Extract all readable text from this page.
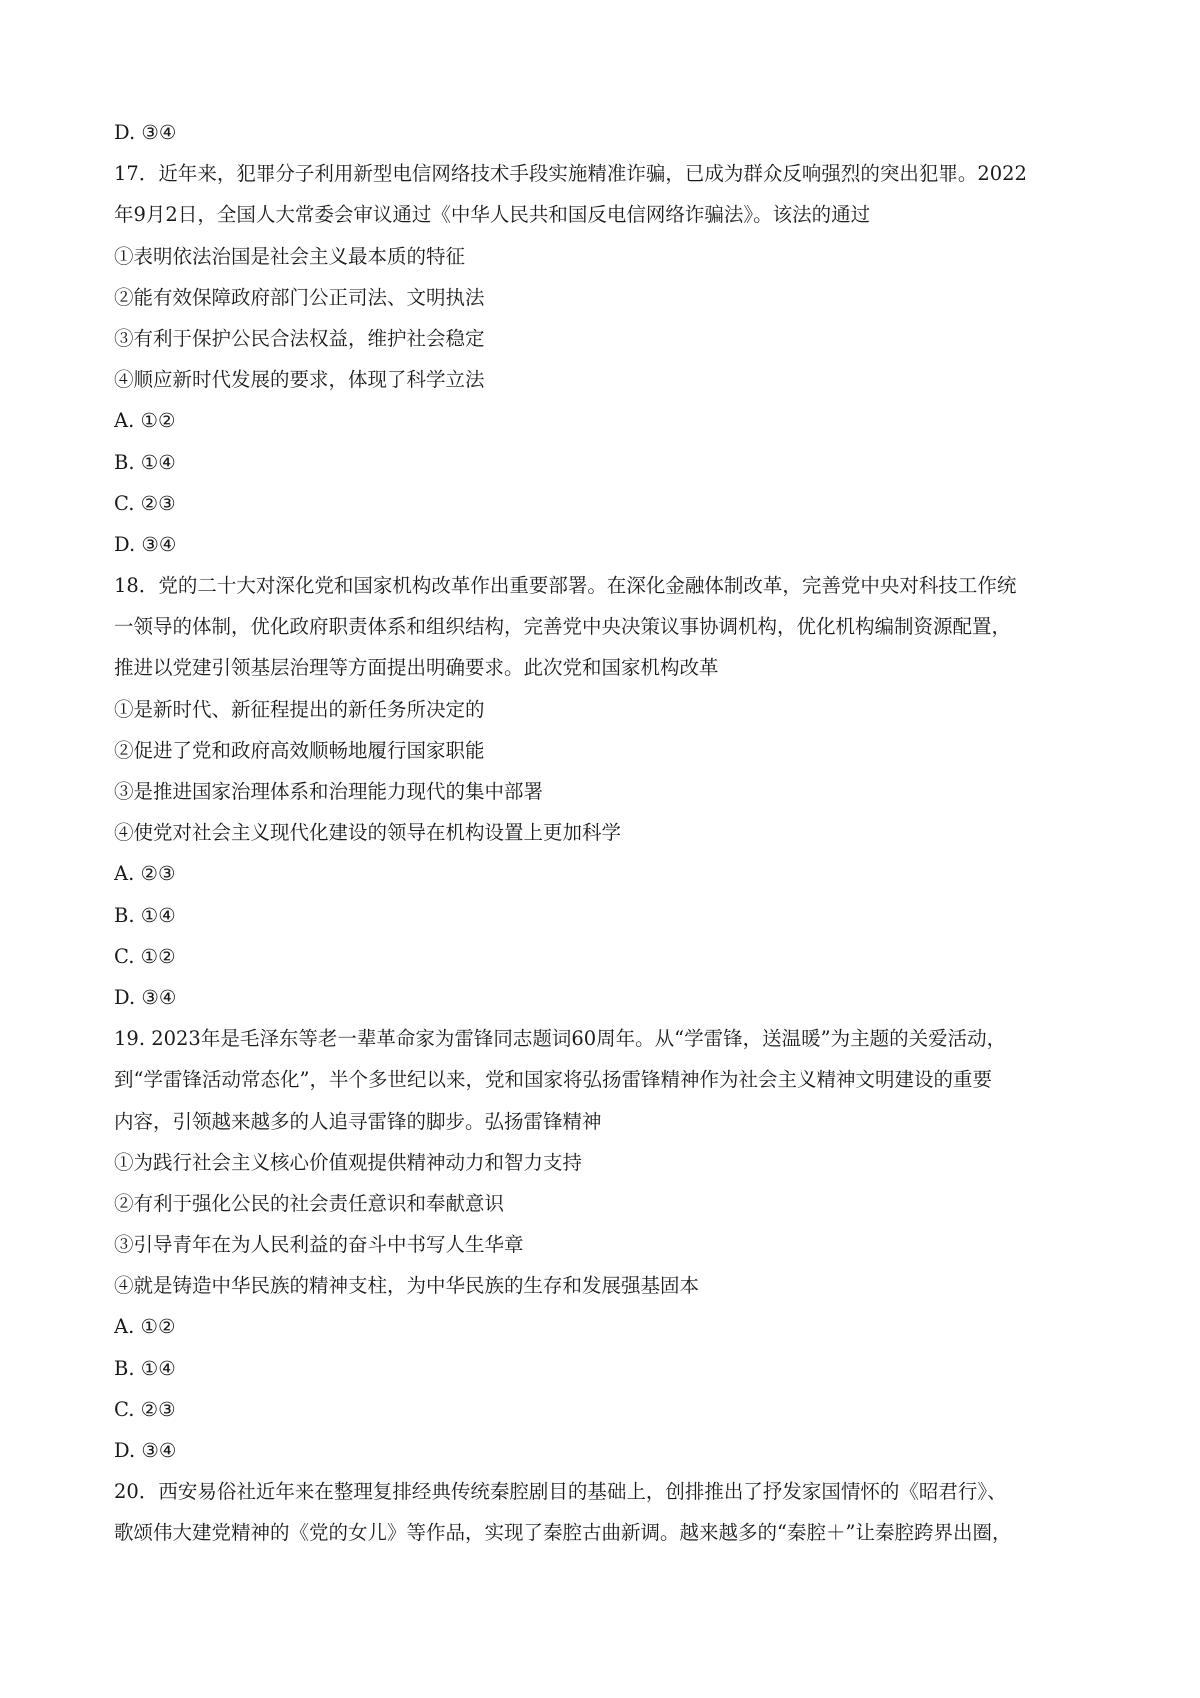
D. ③④
17．近年来，犯罪分子利用新型电信网络技术手段实施精准诈骗，已成为群众反响强烈的突出犯罪。2022
年9月2日，全国人大常委会审议通过《中华人民共和国反电信网络诈骗法》。该法的通过
①表明依法治国是社会主义最本质的特征
②能有效保障政府部门公正司法、文明执法
③有利于保护公民合法权益，维护社会稳定
④顺应新时代发展的要求，体现了科学立法
A. ①②
B. ①④
C. ②③
D. ③④
18．党的二十大对深化党和国家机构改革作出重要部署。在深化金融体制改革，完善党中央对科技工作统
一领导的体制，优化政府职责体系和组织结构，完善党中央决策议事协调机构，优化机构编制资源配置，
推进以党建引领基层治理等方面提出明确要求。此次党和国家机构改革
①是新时代、新征程提出的新任务所决定的
②促进了党和政府高效顺畅地履行国家职能
③是推进国家治理体系和治理能力现代的集中部署
④使党对社会主义现代化建设的领导在机构设置上更加科学
A. ②③
B. ①④
C. ①②
D. ③④
19. 2023年是毛泽东等老一辈革命家为雷锋同志题词60周年。从“学雷锋，送温暖”为主题的关爱活动，
到“学雷锋活动常态化”，半个多世纪以来，党和国家将弘扬雷锋精神作为社会主义精神文明建设的重要
内容，引领越来越多的人追寻雷锋的脚步。弘扬雷锋精神
①为践行社会主义核心价值观提供精神动力和智力支持
②有利于强化公民的社会责任意识和奉献意识
③引导青年在为人民利益的奋斗中书写人生华章
④就是铸造中华民族的精神支柱，为中华民族的生存和发展强基固本
A. ①②
B. ①④
C. ②③
D. ③④
20．西安易俗社近年来在整理复排经典传统秦腔剧目的基础上，创排推出了抒发家国情怀的《昭君行》、
歌颂伟大建党精神的《党的女儿》等作品，实现了秦腔古曲新调。越来越多的“秦腔＋”让秦腔跨界出圈，
